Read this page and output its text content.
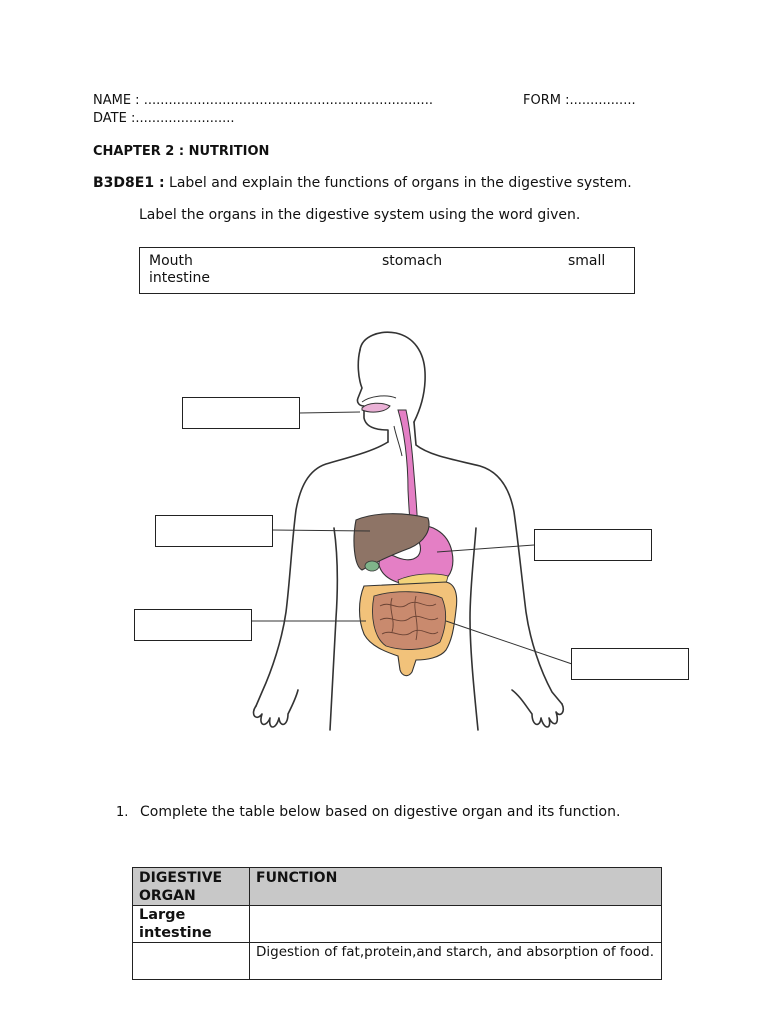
NAME : ......................................................................	FORM :................
DATE :........................
CHAPTER 2 : NUTRITION
B3D8E1 : Label and explain the functions of organs in the digestive system.
Label the organs in the digestive system using the word given.
Mouth	stomach	small
intestine
1. Complete the table below based on digestive organ and its function.
DIGESTIVE
ORGAN	FUNCTION

Large
intestine	

	Digestion of fat,protein,and starch, and absorption of food.
